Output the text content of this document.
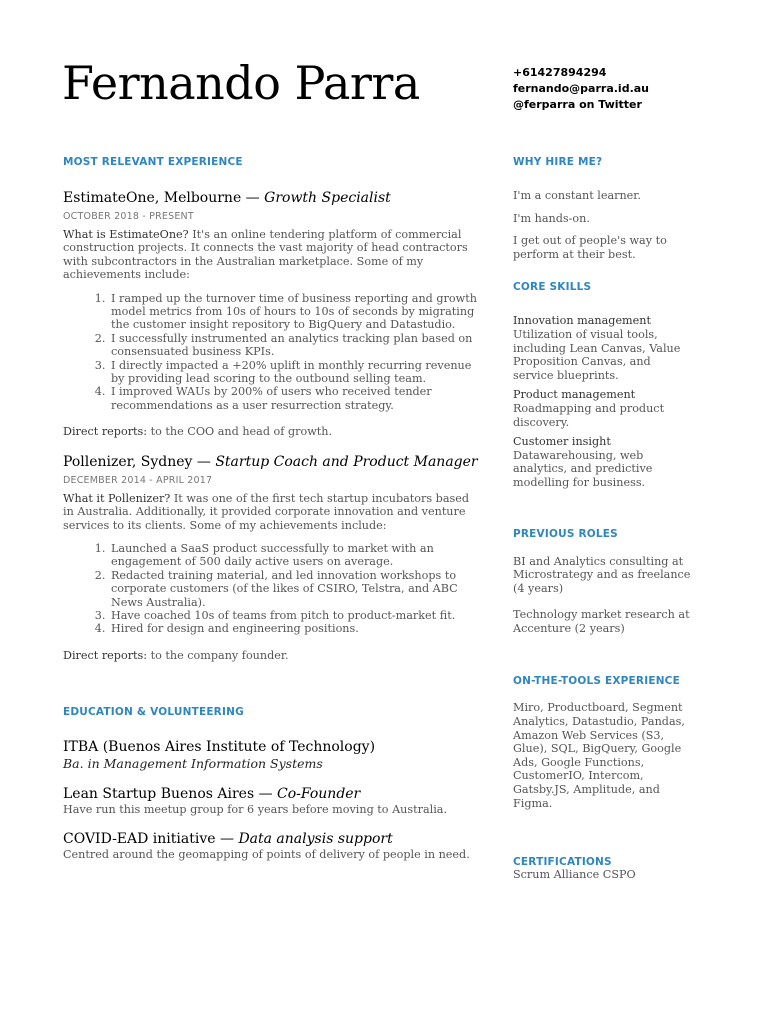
Fernando Parra	+61427894294
fernando@parra.id.au
@ferparra on Twitter
MOST RELEVANT EXPERIENCE

EstimateOne, Melbourne — Growth Specialist

OCTOBER 2018 - PRESENT

What is EstimateOne? It's an online tendering platform of commercial construction projects. It connects the vast majority of head contractors with subcontractors in the Australian marketplace. Some of my achievements include:

1. I ramped up the turnover time of business reporting and growth model metrics from 10s of hours to 10s of seconds by migrating the customer insight repository to BigQuery and Datastudio.
2. I successfully instrumented an analytics tracking plan based on consensuated business KPIs.
3. I directly impacted a +20% uplift in monthly recurring revenue by providing lead scoring to the outbound selling team.
4. I improved WAUs by 200% of users who received tender recommendations as a user resurrection strategy.

Direct reports: to the COO and head of growth.

Pollenizer, Sydney — Startup Coach and Product Manager

DECEMBER 2014 - APRIL 2017

What it Pollenizer? It was one of the first tech startup incubators based in Australia. Additionally, it provided corporate innovation and venture services to its clients. Some of my achievements include:

1. Launched a SaaS product successfully to market with an engagement of 500 daily active users on average.
2. Redacted training material, and led innovation workshops to corporate customers (of the likes of CSIRO, Telstra, and ABC News Australia).
3. Have coached 10s of teams from pitch to product-market fit.
4. Hired for design and engineering positions.

Direct reports: to the company founder.

EDUCATION & VOLUNTEERING

ITBA (Buenos Aires Institute of Technology)

Ba. in Management Information Systems

Lean Startup Buenos Aires — Co-Founder

Have run this meetup group for 6 years before moving to Australia.

COVID-EAD initiative — Data analysis support

Centred around the geomapping of points of delivery of people in need.
WHY HIRE ME?
I'm a constant learner.
I'm hands-on.
I get out of people's way to perform at their best.
CORE SKILLS
Innovation management
Utilization of visual tools, including Lean Canvas, Value Proposition Canvas, and service blueprints.
Product management
Roadmapping and product discovery.
Customer insight
Datawarehousing, web analytics, and predictive modelling for business.
PREVIOUS ROLES
BI and Analytics consulting at Microstrategy and as freelance (4 years)
Technology market research at Accenture (2 years)
ON-THE-TOOLS EXPERIENCE
Miro, Productboard, Segment Analytics, Datastudio, Pandas, Amazon Web Services (S3, Glue), SQL, BigQuery, Google Ads, Google Functions, CustomerIO, Intercom, Gatsby.JS, Amplitude, and Figma.
CERTIFICATIONS
Scrum Alliance CSPO
